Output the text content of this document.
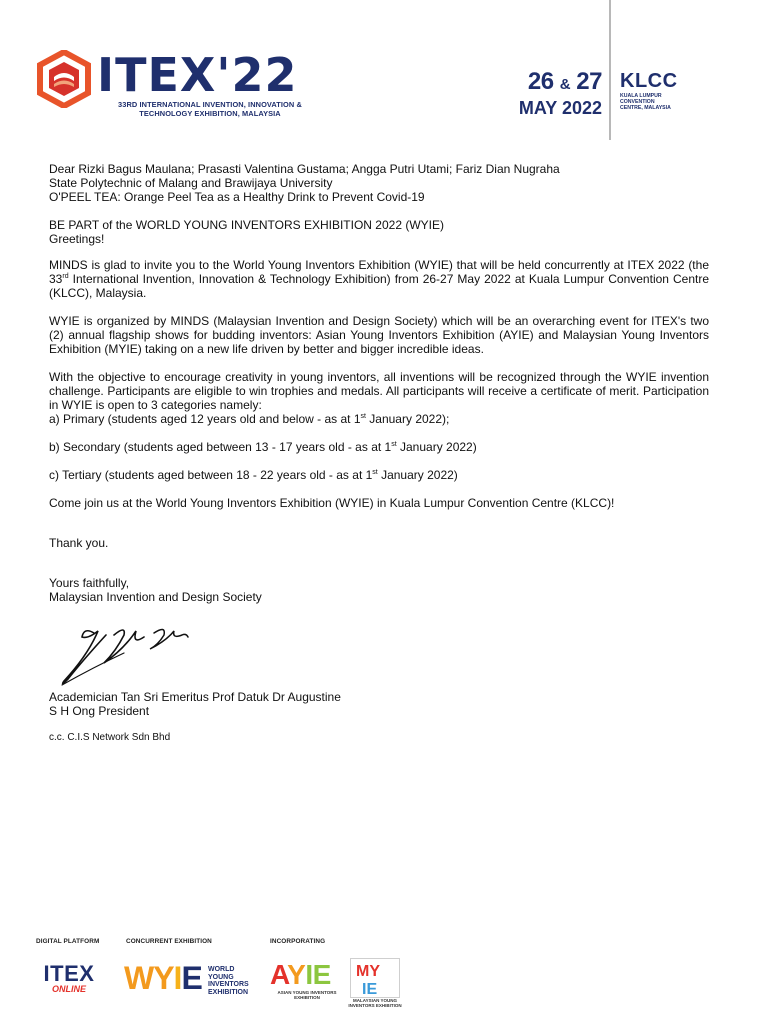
ITEX'22
33RD INTERNATIONAL INVENTION, INNOVATION &
TECHNOLOGY EXHIBITION, MALAYSIA
26 & 27
MAY 2022
KLCC
KUALA LUMPUR
CONVENTION
CENTRE, MALAYSIA

Dear Rizki Bagus Maulana; Prasasti Valentina Gustama; Angga Putri Utami; Fariz Dian Nugraha

State Polytechnic of Malang and Brawijaya University

O'PEEL TEA: Orange Peel Tea as a Healthy Drink to Prevent Covid-19

BE PART of the WORLD YOUNG INVENTORS EXHIBITION 2022 (WYIE)

Greetings!

MINDS is glad to invite you to the World Young Inventors Exhibition (WYIE) that will be held concurrently at ITEX 2022 (the 33rd International Invention, Innovation & Technology Exhibition) from 26-27 May 2022 at Kuala Lumpur Convention Centre (KLCC), Malaysia.

WYIE is organized by MINDS (Malaysian Invention and Design Society) which will be an overarching event for ITEX's two (2) annual flagship shows for budding inventors: Asian Young Inventors Exhibition (AYIE) and Malaysian Young Inventors Exhibition (MYIE) taking on a new life driven by better and bigger incredible ideas.

With the objective to encourage creativity in young inventors, all inventions will be recognized through the WYIE invention challenge. Participants are eligible to win trophies and medals. All participants will receive a certificate of merit. Participation in WYIE is open to 3 categories namely:

a) Primary (students aged 12 years old and below - as at 1st January 2022);

b) Secondary (students aged between 13 - 17 years old - as at 1st January 2022)

c) Tertiary (students aged between 18 - 22 years old - as at 1st January 2022)

Come join us at the World Young Inventors Exhibition (WYIE) in Kuala Lumpur Convention Centre (KLCC)!

Thank you.

Yours faithfully,

Malaysian Invention and Design Society

Academician Tan Sri Emeritus Prof Datuk Dr Augustine
S H Ong President
c.c. C.I.S Network Sdn Bhd
DIGITAL PLATFORM	CONCURRENT EXHIBITION	INCORPORATING
ITEX
ONLINE	WYIE WORLD
YOUNG
INVENTORS
EXHIBITION
AYIE
ASIAN YOUNG INVENTORS
EXHIBITION
MY
IE
MALAYSIAN YOUNG
INVENTORS EXHIBITION
